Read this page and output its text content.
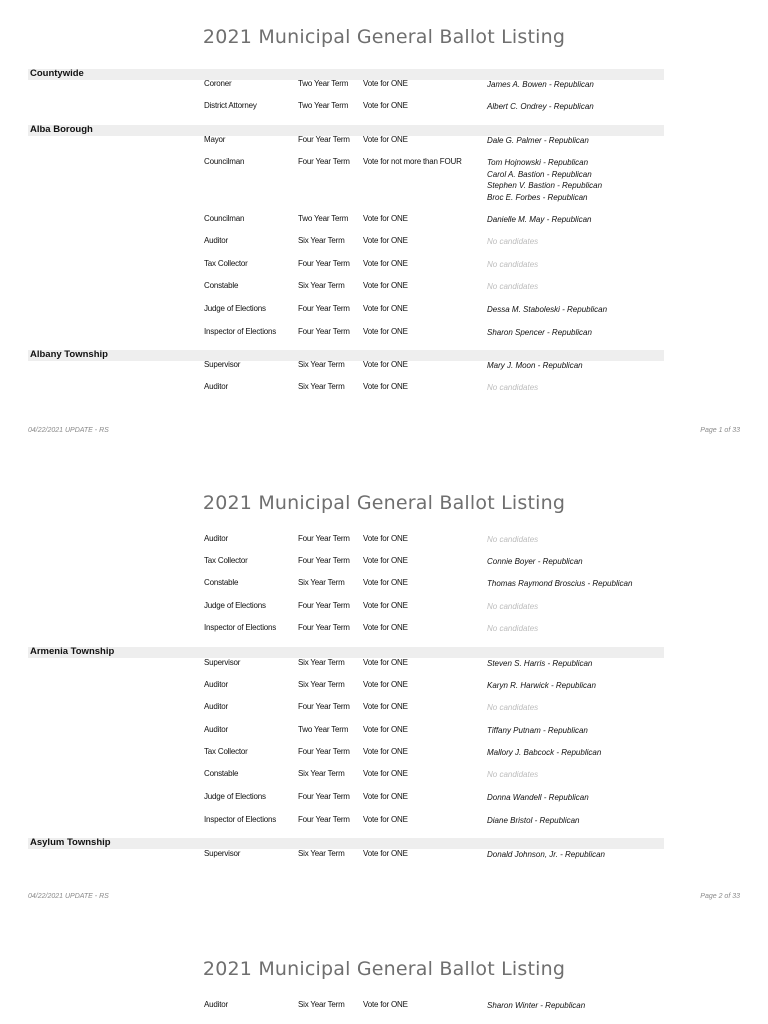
2021 Municipal General Ballot Listing
Countywide
Coroner	Two Year Term Vote for ONE	James A. Bowen - Republican
District Attorney	Two Year Term Vote for ONE	Albert C. Ondrey - Republican
Alba Borough
Mayor	Four Year Term Vote for ONE	Dale G. Palmer - Republican
Councilman	Four Year Term Vote for not more than FOUR	Tom Hojnowski - Republican
Carol A. Bastion - Republican
Stephen V. Bastion - Republican
Broc E. Forbes - Republican
Councilman	Two Year Term Vote for ONE	Danielle M. May - Republican
Auditor	Six Year Term Vote for ONE	No candidates
Tax Collector	Four Year Term Vote for ONE	No candidates
Constable	Six Year Term Vote for ONE	No candidates
Judge of Elections	Four Year Term Vote for ONE	Dessa M. Staboleski - Republican
Inspector of Elections	Four Year Term Vote for ONE	Sharon Spencer - Republican
Albany Township
Supervisor	Six Year Term Vote for ONE	Mary J. Moon - Republican
Auditor	Six Year Term Vote for ONE	No candidates
04/22/2021 UPDATE - RS	Page 1 of 33
2021 Municipal General Ballot Listing
Auditor	Four Year Term Vote for ONE	No candidates
Tax Collector	Four Year Term Vote for ONE	Connie Boyer - Republican
Constable	Six Year Term Vote for ONE	Thomas Raymond Broscius - Republican
Judge of Elections	Four Year Term Vote for ONE	No candidates
Inspector of Elections	Four Year Term Vote for ONE	No candidates
Armenia Township
Supervisor	Six Year Term Vote for ONE	Steven S. Harris - Republican
Auditor	Six Year Term Vote for ONE	Karyn R. Harwick - Republican
Auditor	Four Year Term Vote for ONE	No candidates
Auditor	Two Year Term Vote for ONE	Tiffany Putnam - Republican
Tax Collector	Four Year Term Vote for ONE	Mallory J. Babcock - Republican
Constable	Six Year Term Vote for ONE	No candidates
Judge of Elections	Four Year Term Vote for ONE	Donna Wandell - Republican
Inspector of Elections	Four Year Term Vote for ONE	Diane Bristol - Republican
Asylum Township
Supervisor	Six Year Term Vote for ONE	Donald Johnson, Jr. - Republican
04/22/2021 UPDATE - RS	Page 2 of 33
2021 Municipal General Ballot Listing
Auditor	Six Year Term Vote for ONE	Sharon Winter - Republican
